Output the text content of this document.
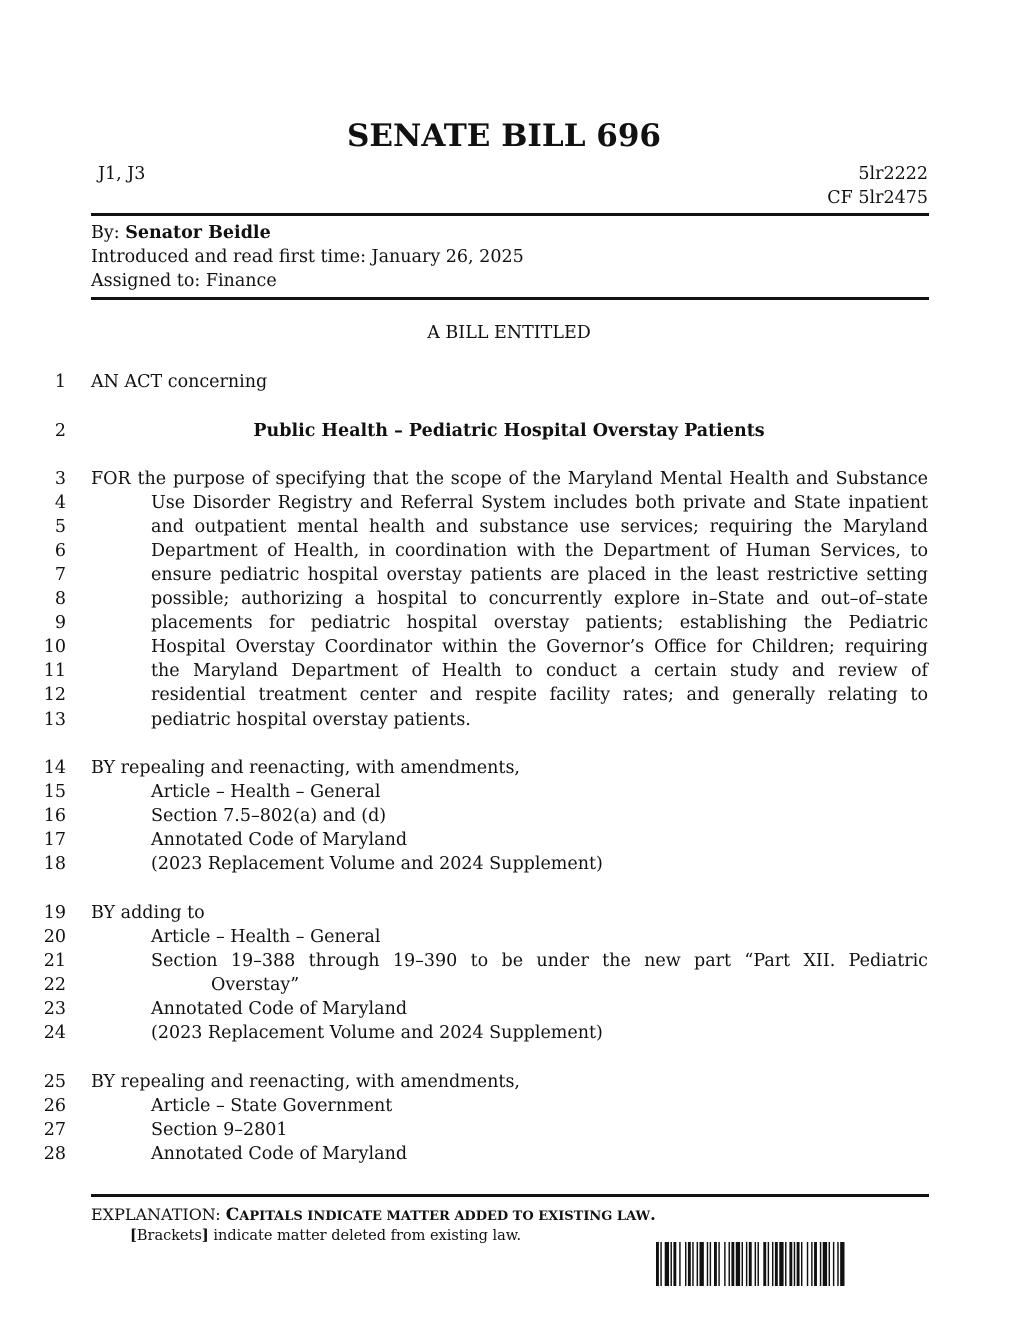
SENATE BILL 696
J1, J3	5lr2222
CF 5lr2475
By: Senator Beidle
Introduced and read first time: January 26, 2025
Assigned to: Finance
A BILL ENTITLED
1
2
3
4
5
6
7
8
9
10
11
12
13
14
15
16
17
18
19
20
21
22
23
24
25
26
27
28
AN ACT concerning
Public Health – Pediatric Hospital Overstay Patients
FOR the purpose of specifying that the scope of the Maryland Mental Health and Substance
Use Disorder Registry and Referral System includes both private and State inpatient
and outpatient mental health and substance use services; requiring the Maryland
Department of Health, in coordination with the Department of Human Services, to
ensure pediatric hospital overstay patients are placed in the least restrictive setting
possible; authorizing a hospital to concurrently explore in–State and out–of–state
placements for pediatric hospital overstay patients; establishing the Pediatric
Hospital Overstay Coordinator within the Governor’s Office for Children; requiring
the Maryland Department of Health to conduct a certain study and review of
residential treatment center and respite facility rates; and generally relating to
pediatric hospital overstay patients.
BY repealing and reenacting, with amendments,
Article – Health – General
Section 7.5–802(a) and (d)
Annotated Code of Maryland
(2023 Replacement Volume and 2024 Supplement)
BY adding to
Article – Health – General
Section 19–388 through 19–390 to be under the new part “Part XII. Pediatric
Overstay”
Annotated Code of Maryland
(2023 Replacement Volume and 2024 Supplement)
BY repealing and reenacting, with amendments,
Article – State Government
Section 9–2801
Annotated Code of Maryland
EXPLANATION: CAPITALS INDICATE MATTER ADDED TO EXISTING LAW.
[Brackets] indicate matter deleted from existing law.
